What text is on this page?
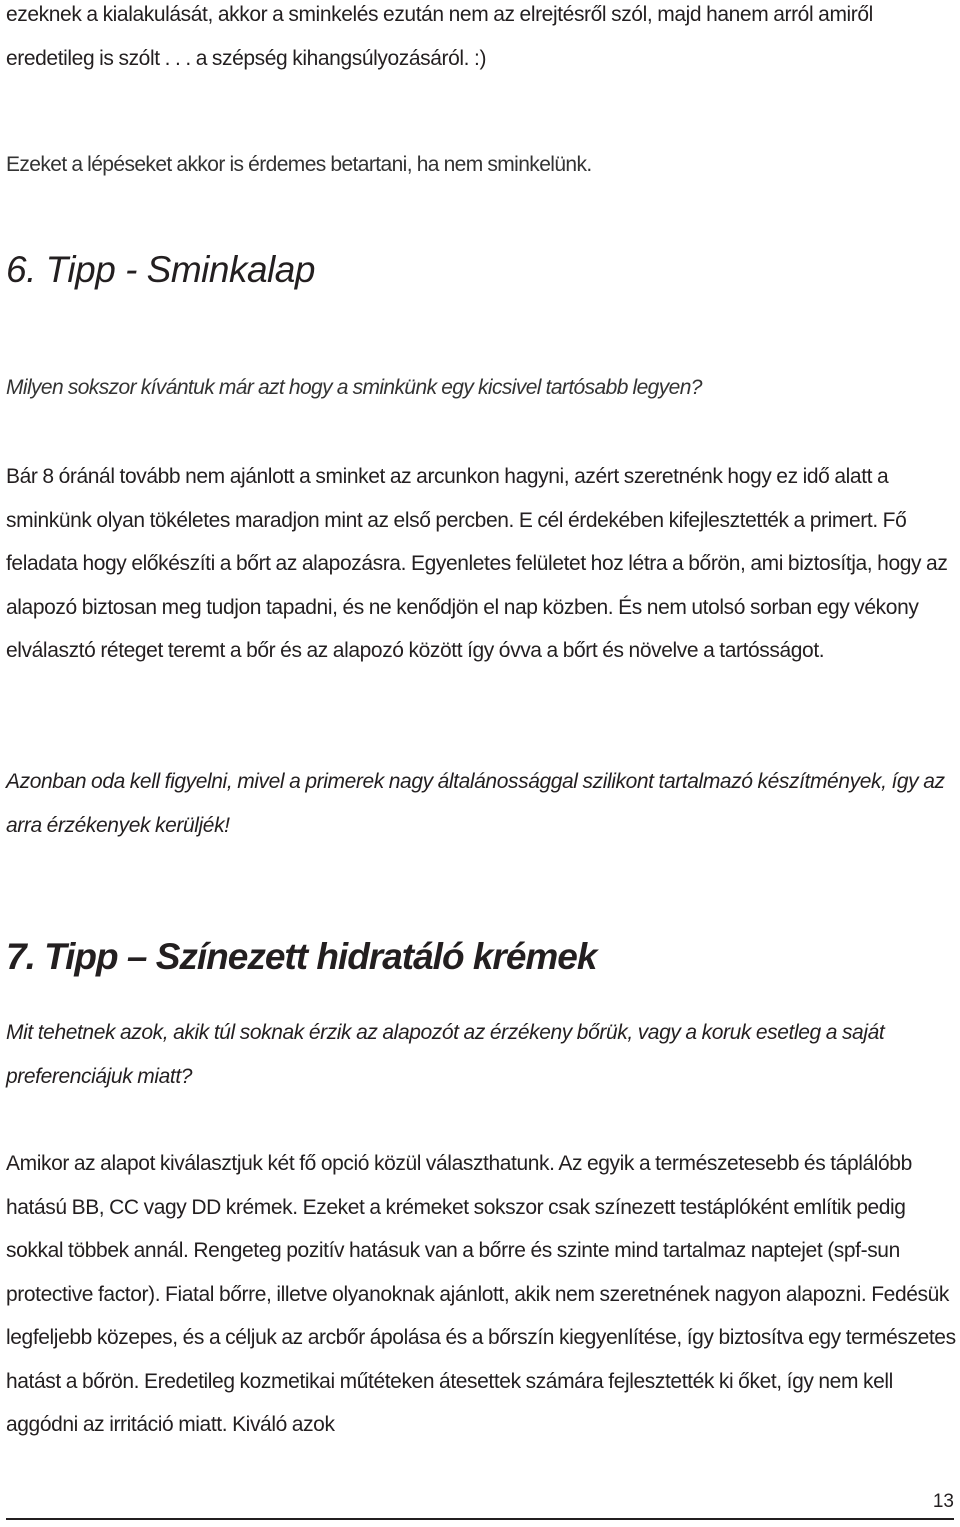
ezeknek a kialakulását, akkor a sminkelés ezután nem az elrejtésről szól, majd hanem arról amiről eredetileg is szólt . . . a szépség kihangsúlyozásáról. :)

Ezeket a lépéseket akkor is érdemes betartani, ha nem sminkelünk.

6. Tipp - Sminkalap

Milyen sokszor kívántuk már azt hogy a sminkünk egy kicsivel tartósabb legyen?

Bár 8 óránál tovább nem ajánlott a sminket az arcunkon hagyni, azért szeretnénk hogy ez idő alatt a sminkünk olyan tökéletes maradjon mint az első percben. E cél érdekében kifejlesztették a primert. Fő feladata hogy előkészíti a bőrt az alapozásra. Egyenletes felületet hoz létra a bőrön, ami biztosítja, hogy az alapozó biztosan meg tudjon tapadni, és ne kenődjön el nap közben. És nem utolsó sorban egy vékony elválasztó réteget teremt a bőr és az alapozó között így óvva a bőrt és növelve a tartósságot.

Azonban oda kell figyelni, mivel a primerek nagy általánossággal szilikont tartalmazó készítmények, így az arra érzékenyek kerüljék!

7. Tipp – Színezett hidratáló krémek

Mit tehetnek azok, akik túl soknak érzik az alapozót az érzékeny bőrük, vagy a koruk esetleg a saját preferenciájuk miatt?

Amikor az alapot kiválasztjuk két fő opció közül választhatunk. Az egyik a természetesebb és táplálóbb hatású BB, CC vagy DD krémek. Ezeket a krémeket sokszor csak színezett testáplóként említik pedig sokkal többek annál. Rengeteg pozitív hatásuk van a bőrre és szinte mind tartalmaz naptejet (spf-sun protective factor). Fiatal bőrre, illetve olyanoknak ajánlott, akik nem szeretnének nagyon alapozni. Fedésük legfeljebb közepes, és a céljuk az arcbőr ápolása és a bőrszín kiegyenlítése, így biztosítva egy természetes hatást a bőrön. Eredetileg kozmetikai műtéteken átesettek számára fejlesztették ki őket, így nem kell aggódni az irritáció miatt. Kiváló azok

13
